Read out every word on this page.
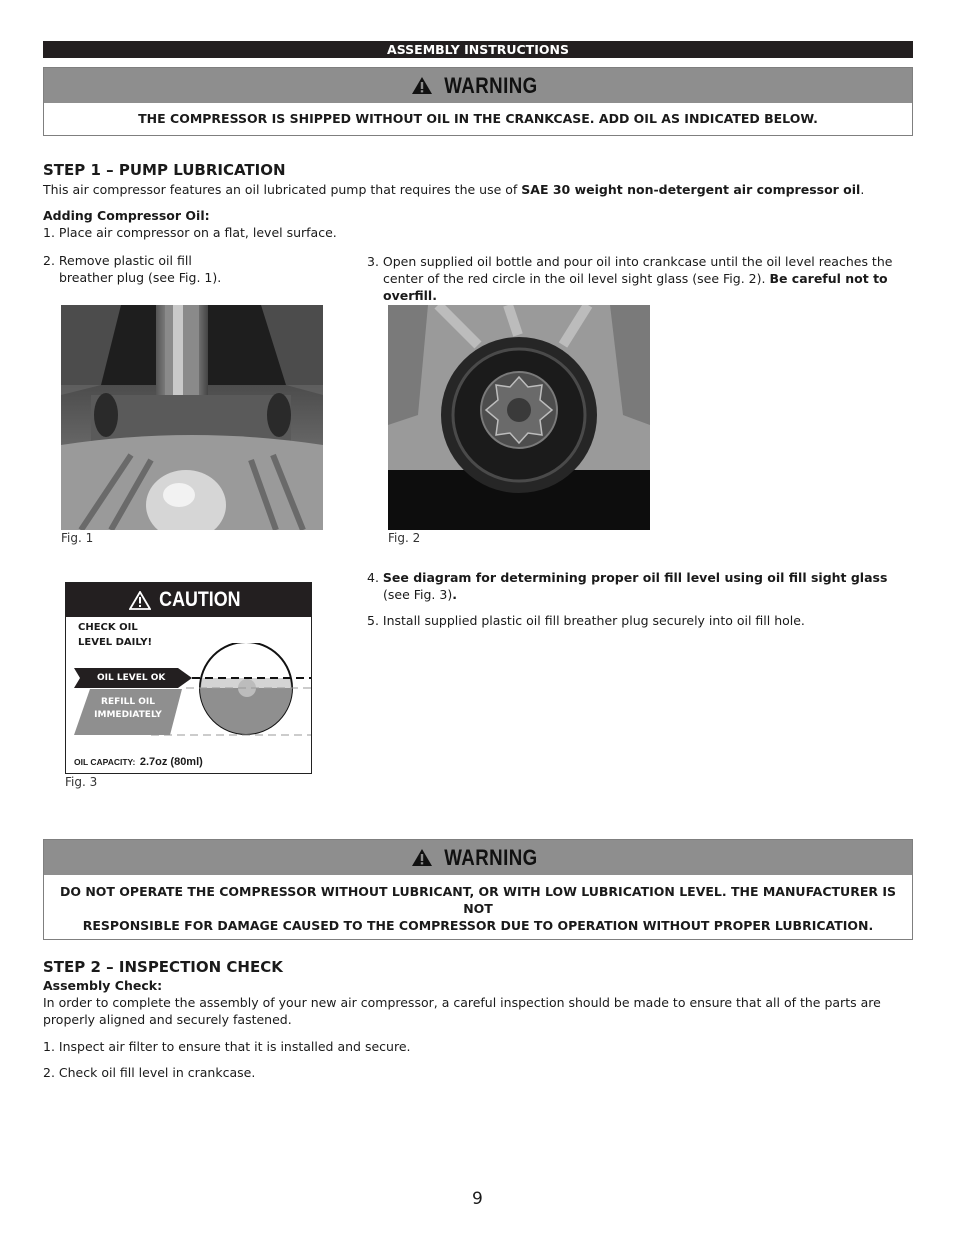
ASSEMBLY INSTRUCTIONS
WARNING
THE COMPRESSOR IS SHIPPED WITHOUT OIL IN THE CRANKCASE. ADD OIL AS INDICATED BELOW.
STEP 1 – PUMP LUBRICATION
This air compressor features an oil lubricated pump that requires the use of SAE 30 weight non-detergent air compressor oil.
Adding Compressor Oil:
1. Place air compressor on a flat, level surface.
2. Remove plastic oil fill
breather plug (see Fig. 1).
3. Open supplied oil bottle and pour oil into crankcase until the oil level reaches the center of the red circle in the oil level sight glass (see Fig. 2). Be careful not to overfill.
Fig. 1	Fig. 2
CAUTION
CHECK OIL
LEVEL DAILY!
OIL LEVEL OK
REFILL OIL
IMMEDIATELY
OIL CAPACITY: 2.7oz (80ml)
Fig. 3
4. See diagram for determining proper oil fill level using oil fill sight glass
(see Fig. 3).
5. Install supplied plastic oil fill breather plug securely into oil fill hole.
WARNING
DO NOT OPERATE THE COMPRESSOR WITHOUT LUBRICANT, OR WITH LOW LUBRICATION LEVEL. THE MANUFACTURER IS NOT
RESPONSIBLE FOR DAMAGE CAUSED TO THE COMPRESSOR DUE TO OPERATION WITHOUT PROPER LUBRICATION.
STEP 2 – INSPECTION CHECK
Assembly Check:
In order to complete the assembly of your new air compressor, a careful inspection should be made to ensure that all of the parts are properly aligned and securely fastened.
1. Inspect air filter to ensure that it is installed and secure.
2. Check oil fill level in crankcase.
9
